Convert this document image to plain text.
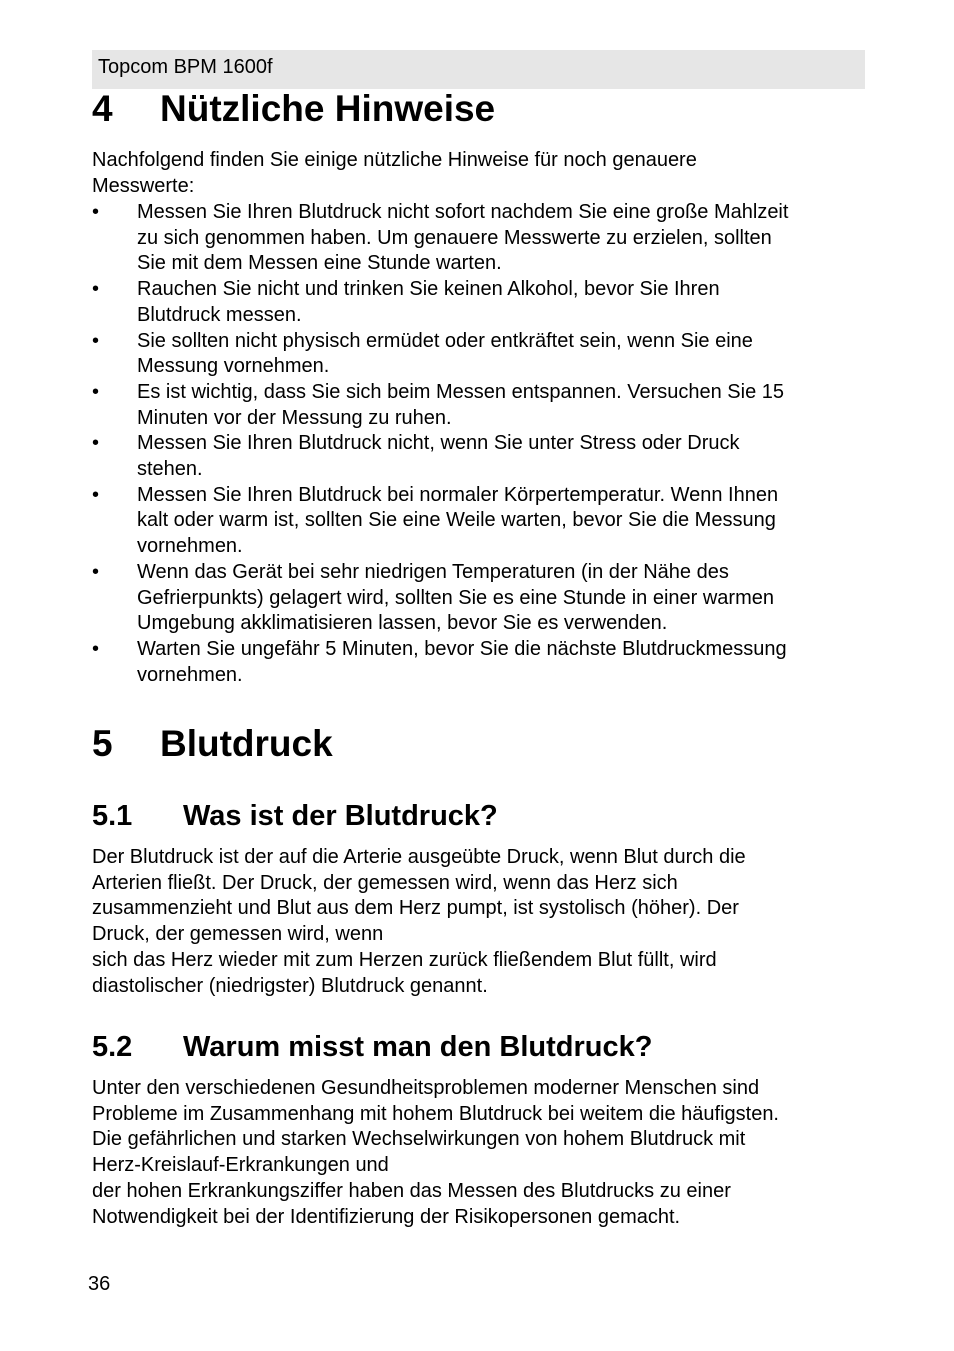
Topcom BPM 1600f
4 Nützliche Hinweise
Nachfolgend finden Sie einige nützliche Hinweise für noch genauere
Messwerte:
• Messen Sie Ihren Blutdruck nicht sofort nachdem Sie eine große Mahlzeit
zu sich genommen haben. Um genauere Messwerte zu erzielen, sollten
Sie mit dem Messen eine Stunde warten.
• Rauchen Sie nicht und trinken Sie keinen Alkohol, bevor Sie Ihren
Blutdruck messen.
• Sie sollten nicht physisch ermüdet oder entkräftet sein, wenn Sie eine
Messung vornehmen.
• Es ist wichtig, dass Sie sich beim Messen entspannen. Versuchen Sie 15
Minuten vor der Messung zu ruhen.
• Messen Sie Ihren Blutdruck nicht, wenn Sie unter Stress oder Druck
stehen.
• Messen Sie Ihren Blutdruck bei normaler Körpertemperatur. Wenn Ihnen
kalt oder warm ist, sollten Sie eine Weile warten, bevor Sie die Messung
vornehmen.
• Wenn das Gerät bei sehr niedrigen Temperaturen (in der Nähe des
Gefrierpunkts) gelagert wird, sollten Sie es eine Stunde in einer warmen
Umgebung akklimatisieren lassen, bevor Sie es verwenden.
• Warten Sie ungefähr 5 Minuten, bevor Sie die nächste Blutdruckmessung
vornehmen.
5 Blutdruck
5.1 Was ist der Blutdruck?
Der Blutdruck ist der auf die Arterie ausgeübte Druck, wenn Blut durch die
Arterien fließt. Der Druck, der gemessen wird, wenn das Herz sich
zusammenzieht und Blut aus dem Herz pumpt, ist systolisch (höher). Der
Druck, der gemessen wird, wenn
sich das Herz wieder mit zum Herzen zurück fließendem Blut füllt, wird
diastolischer (niedrigster) Blutdruck genannt.
5.2 Warum misst man den Blutdruck?
Unter den verschiedenen Gesundheitsproblemen moderner Menschen sind
Probleme im Zusammenhang mit hohem Blutdruck bei weitem die häufigsten.
Die gefährlichen und starken Wechselwirkungen von hohem Blutdruck mit
Herz-Kreislauf-Erkrankungen und
der hohen Erkrankungsziffer haben das Messen des Blutdrucks zu einer
Notwendigkeit bei der Identifizierung der Risikopersonen gemacht.
36
